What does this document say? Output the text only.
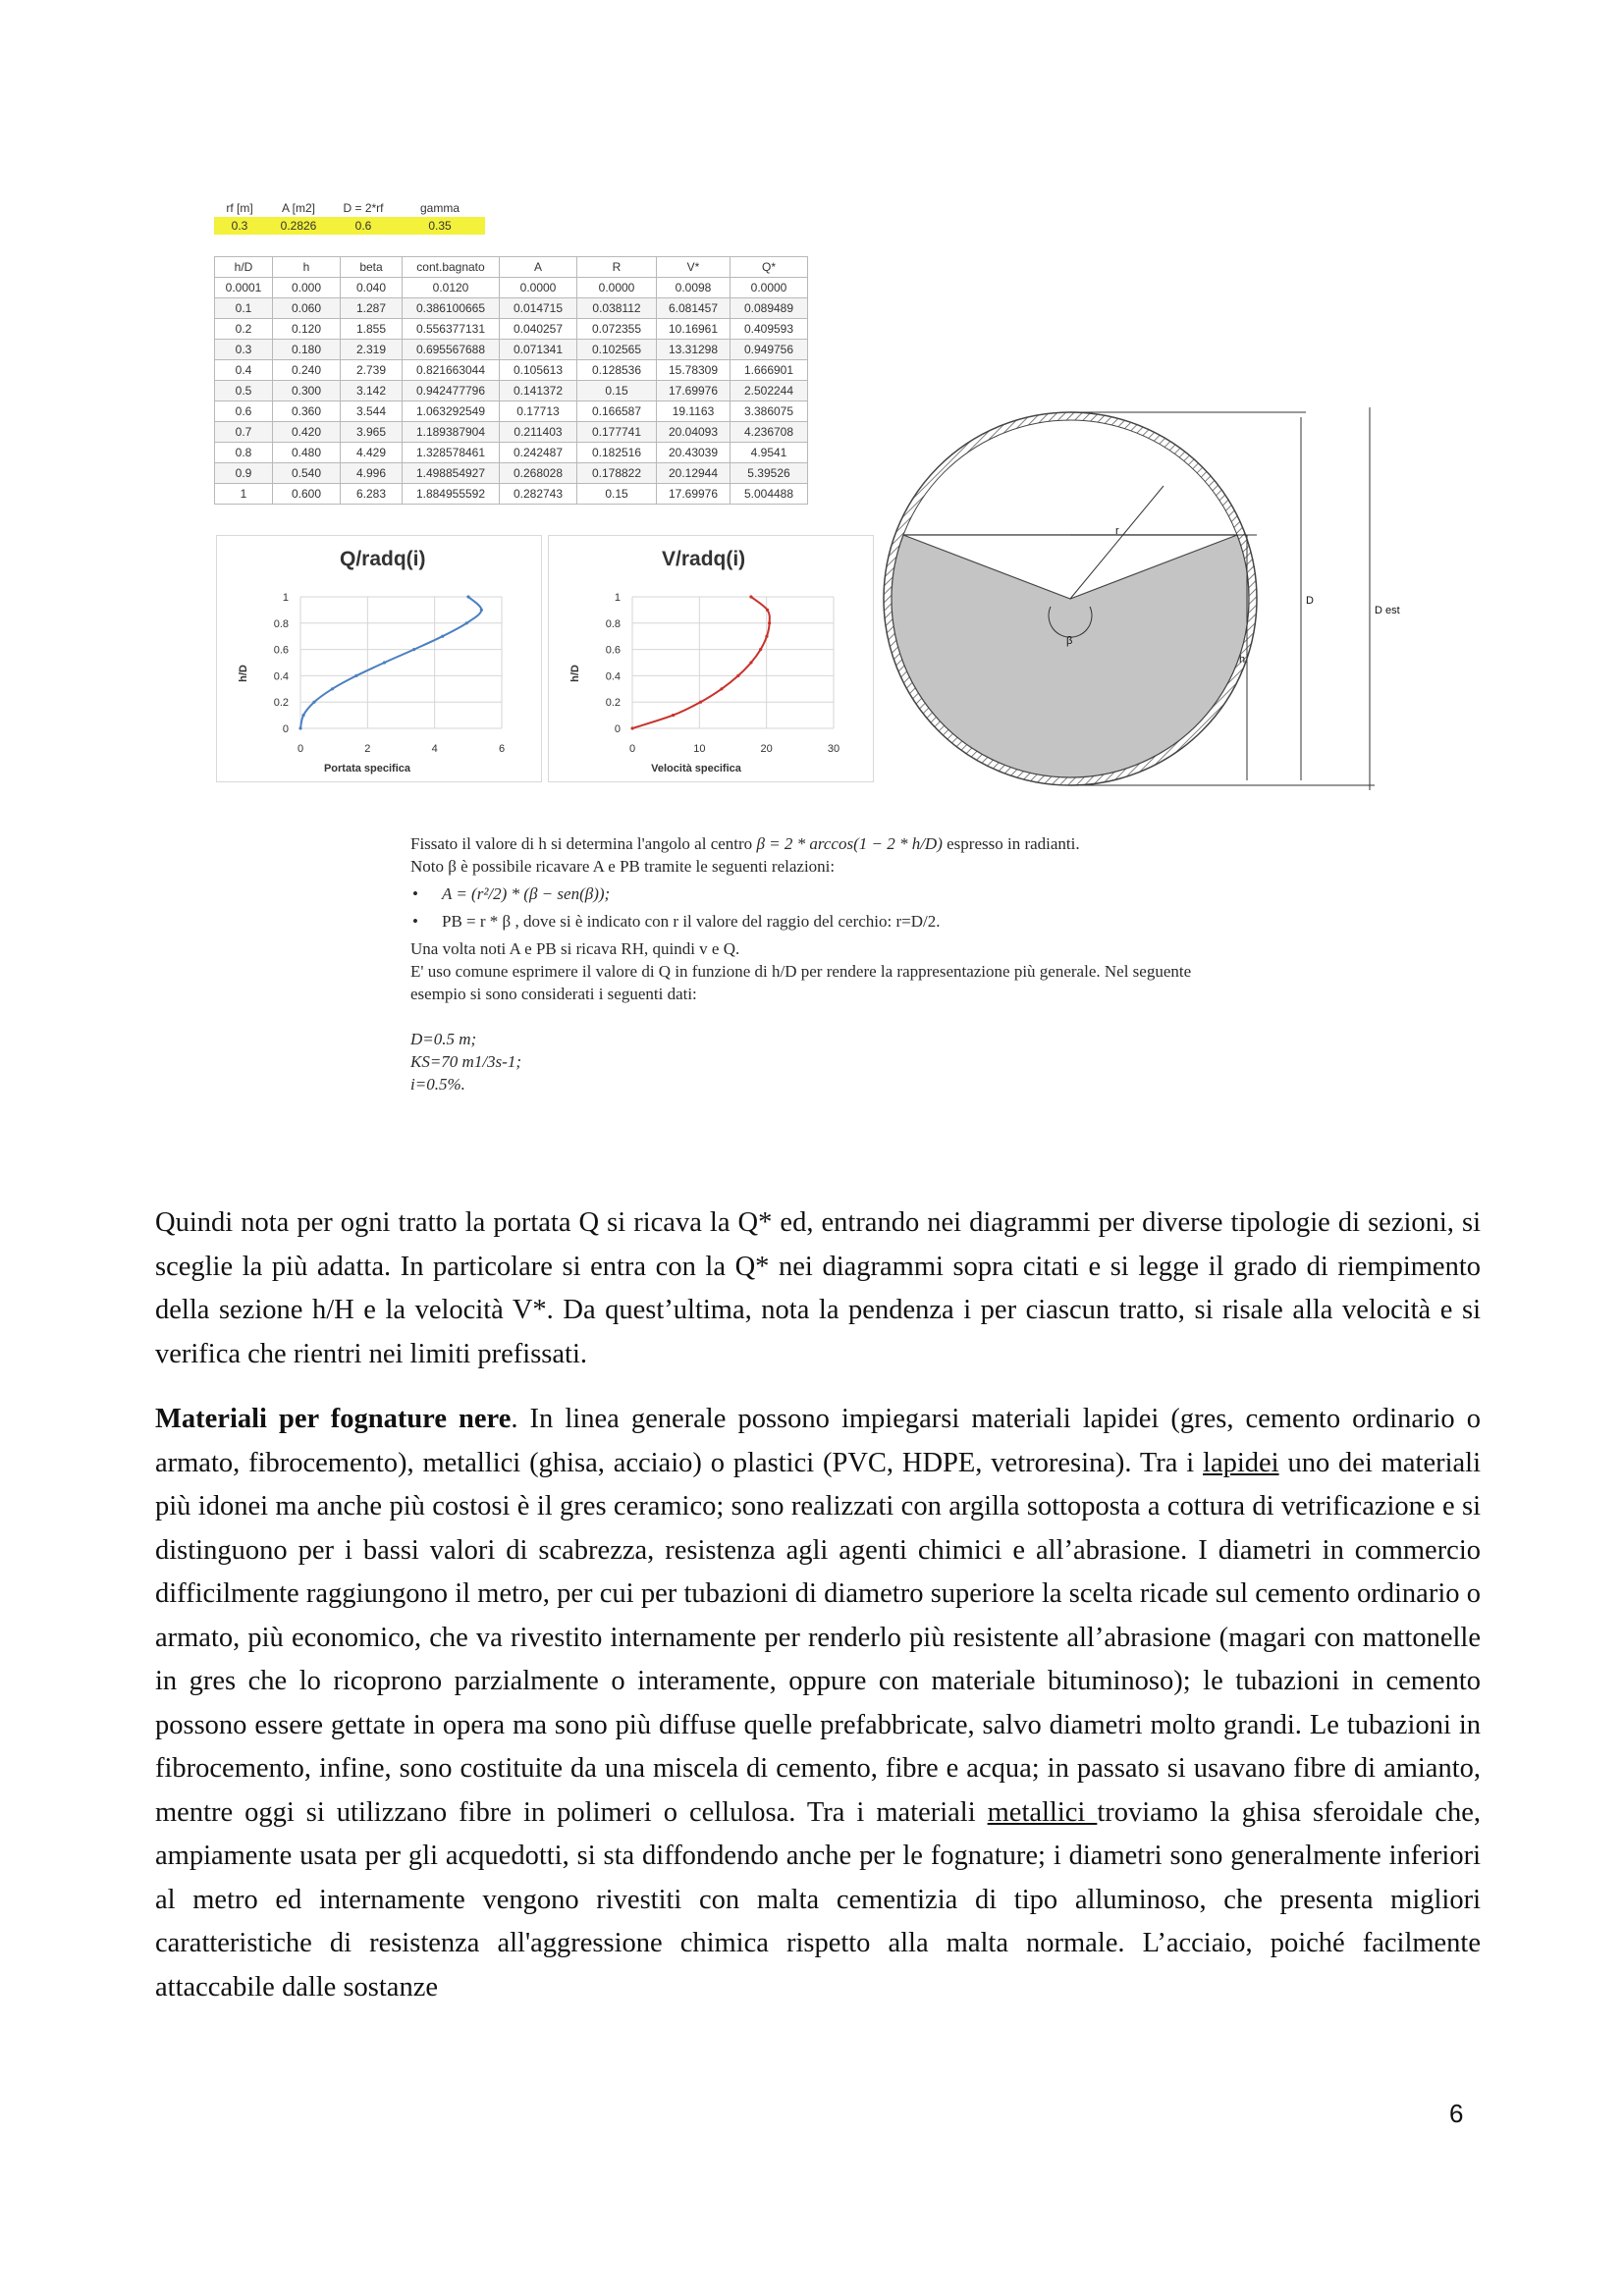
rf [m]	A [m2]	D = 2*rf	gamma
0.3	0.2826	0.6	0.35
h/D	h	beta	cont.bagnato	A	R	V*	Q*
0.0001	0.000	0.040	0.0120	0.0000	0.0000	0.0098	0.0000
0.1	0.060	1.287	0.386100665	0.014715	0.038112	6.081457	0.089489
0.2	0.120	1.855	0.556377131	0.040257	0.072355	10.16961	0.409593
0.3	0.180	2.319	0.695567688	0.071341	0.102565	13.31298	0.949756
0.4	0.240	2.739	0.821663044	0.105613	0.128536	15.78309	1.666901
0.5	0.300	3.142	0.942477796	0.141372	0.15	17.69976	2.502244
0.6	0.360	3.544	1.063292549	0.17713	0.166587	19.1163	3.386075
0.7	0.420	3.965	1.189387904	0.211403	0.177741	20.04093	4.236708
0.8	0.480	4.429	1.328578461	0.242487	0.182516	20.43039	4.9541
0.9	0.540	4.996	1.498854927	0.268028	0.178822	20.12944	5.39526
1	0.600	6.283	1.884955592	0.282743	0.15	17.69976	5.004488
Q/radq(i)
h/D
Portata specifica
0
0.2
0.4
0.6
0.8
1
0	2	4	6
V/radq(i)
h/D
Velocità specifica
0
0.2
0.4
0.6
0.8
1
0	10	20	30
β
r
h
D
D est

Fissato il valore di h si determina l'angolo al centro β = 2 * arccos(1 − 2 * h/D) espresso in radianti.

Noto β è possibile ricavare A e PB tramite le seguenti relazioni:

• A = (r²/2) * (β − sen(β));
• PB = r * β , dove si è indicato con r il valore del raggio del cerchio: r=D/2.

Una volta noti A e PB si ricava RH, quindi v e Q.

E' uso comune esprimere il valore di Q in funzione di h/D per rendere la rappresentazione più generale. Nel seguente esempio si sono considerati i seguenti dati:

D=0.5 m;

KS=70 m1/3s-1;

i=0.5%.

Quindi nota per ogni tratto la portata Q si ricava la Q* ed, entrando nei diagrammi per diverse tipologie di sezioni, si sceglie la più adatta. In particolare si entra con la Q* nei diagrammi sopra citati e si legge il grado di riempimento della sezione h/H e la velocità V*. Da quest’ultima, nota la pendenza i per ciascun tratto, si risale alla velocità e si verifica che rientri nei limiti prefissati.

Materiali per fognature nere. In linea generale possono impiegarsi materiali lapidei (gres, cemento ordinario o armato, fibrocemento), metallici (ghisa, acciaio) o plastici (PVC, HDPE, vetroresina). Tra i lapidei uno dei materiali più idonei ma anche più costosi è il gres ceramico; sono realizzati con argilla sottoposta a cottura di vetrificazione e si distinguono per i bassi valori di scabrezza, resistenza agli agenti chimici e all’abrasione. I diametri in commercio difficilmente raggiungono il metro, per cui per tubazioni di diametro superiore la scelta ricade sul cemento ordinario o armato, più economico, che va rivestito internamente per renderlo più resistente all’abrasione (magari con mattonelle in gres che lo ricoprono parzialmente o interamente, oppure con materiale bituminoso); le tubazioni in cemento possono essere gettate in opera ma sono più diffuse quelle prefabbricate, salvo diametri molto grandi. Le tubazioni in fibrocemento, infine, sono costituite da una miscela di cemento, fibre e acqua; in passato si usavano fibre di amianto, mentre oggi si utilizzano fibre in polimeri o cellulosa. Tra i materiali metallici troviamo la ghisa sferoidale che, ampiamente usata per gli acquedotti, si sta diffondendo anche per le fognature; i diametri sono generalmente inferiori al metro ed internamente vengono rivestiti con malta cementizia di tipo alluminoso, che presenta migliori caratteristiche di resistenza all'aggressione chimica rispetto alla malta normale. L’acciaio, poiché facilmente attaccabile dalle sostanze

6
